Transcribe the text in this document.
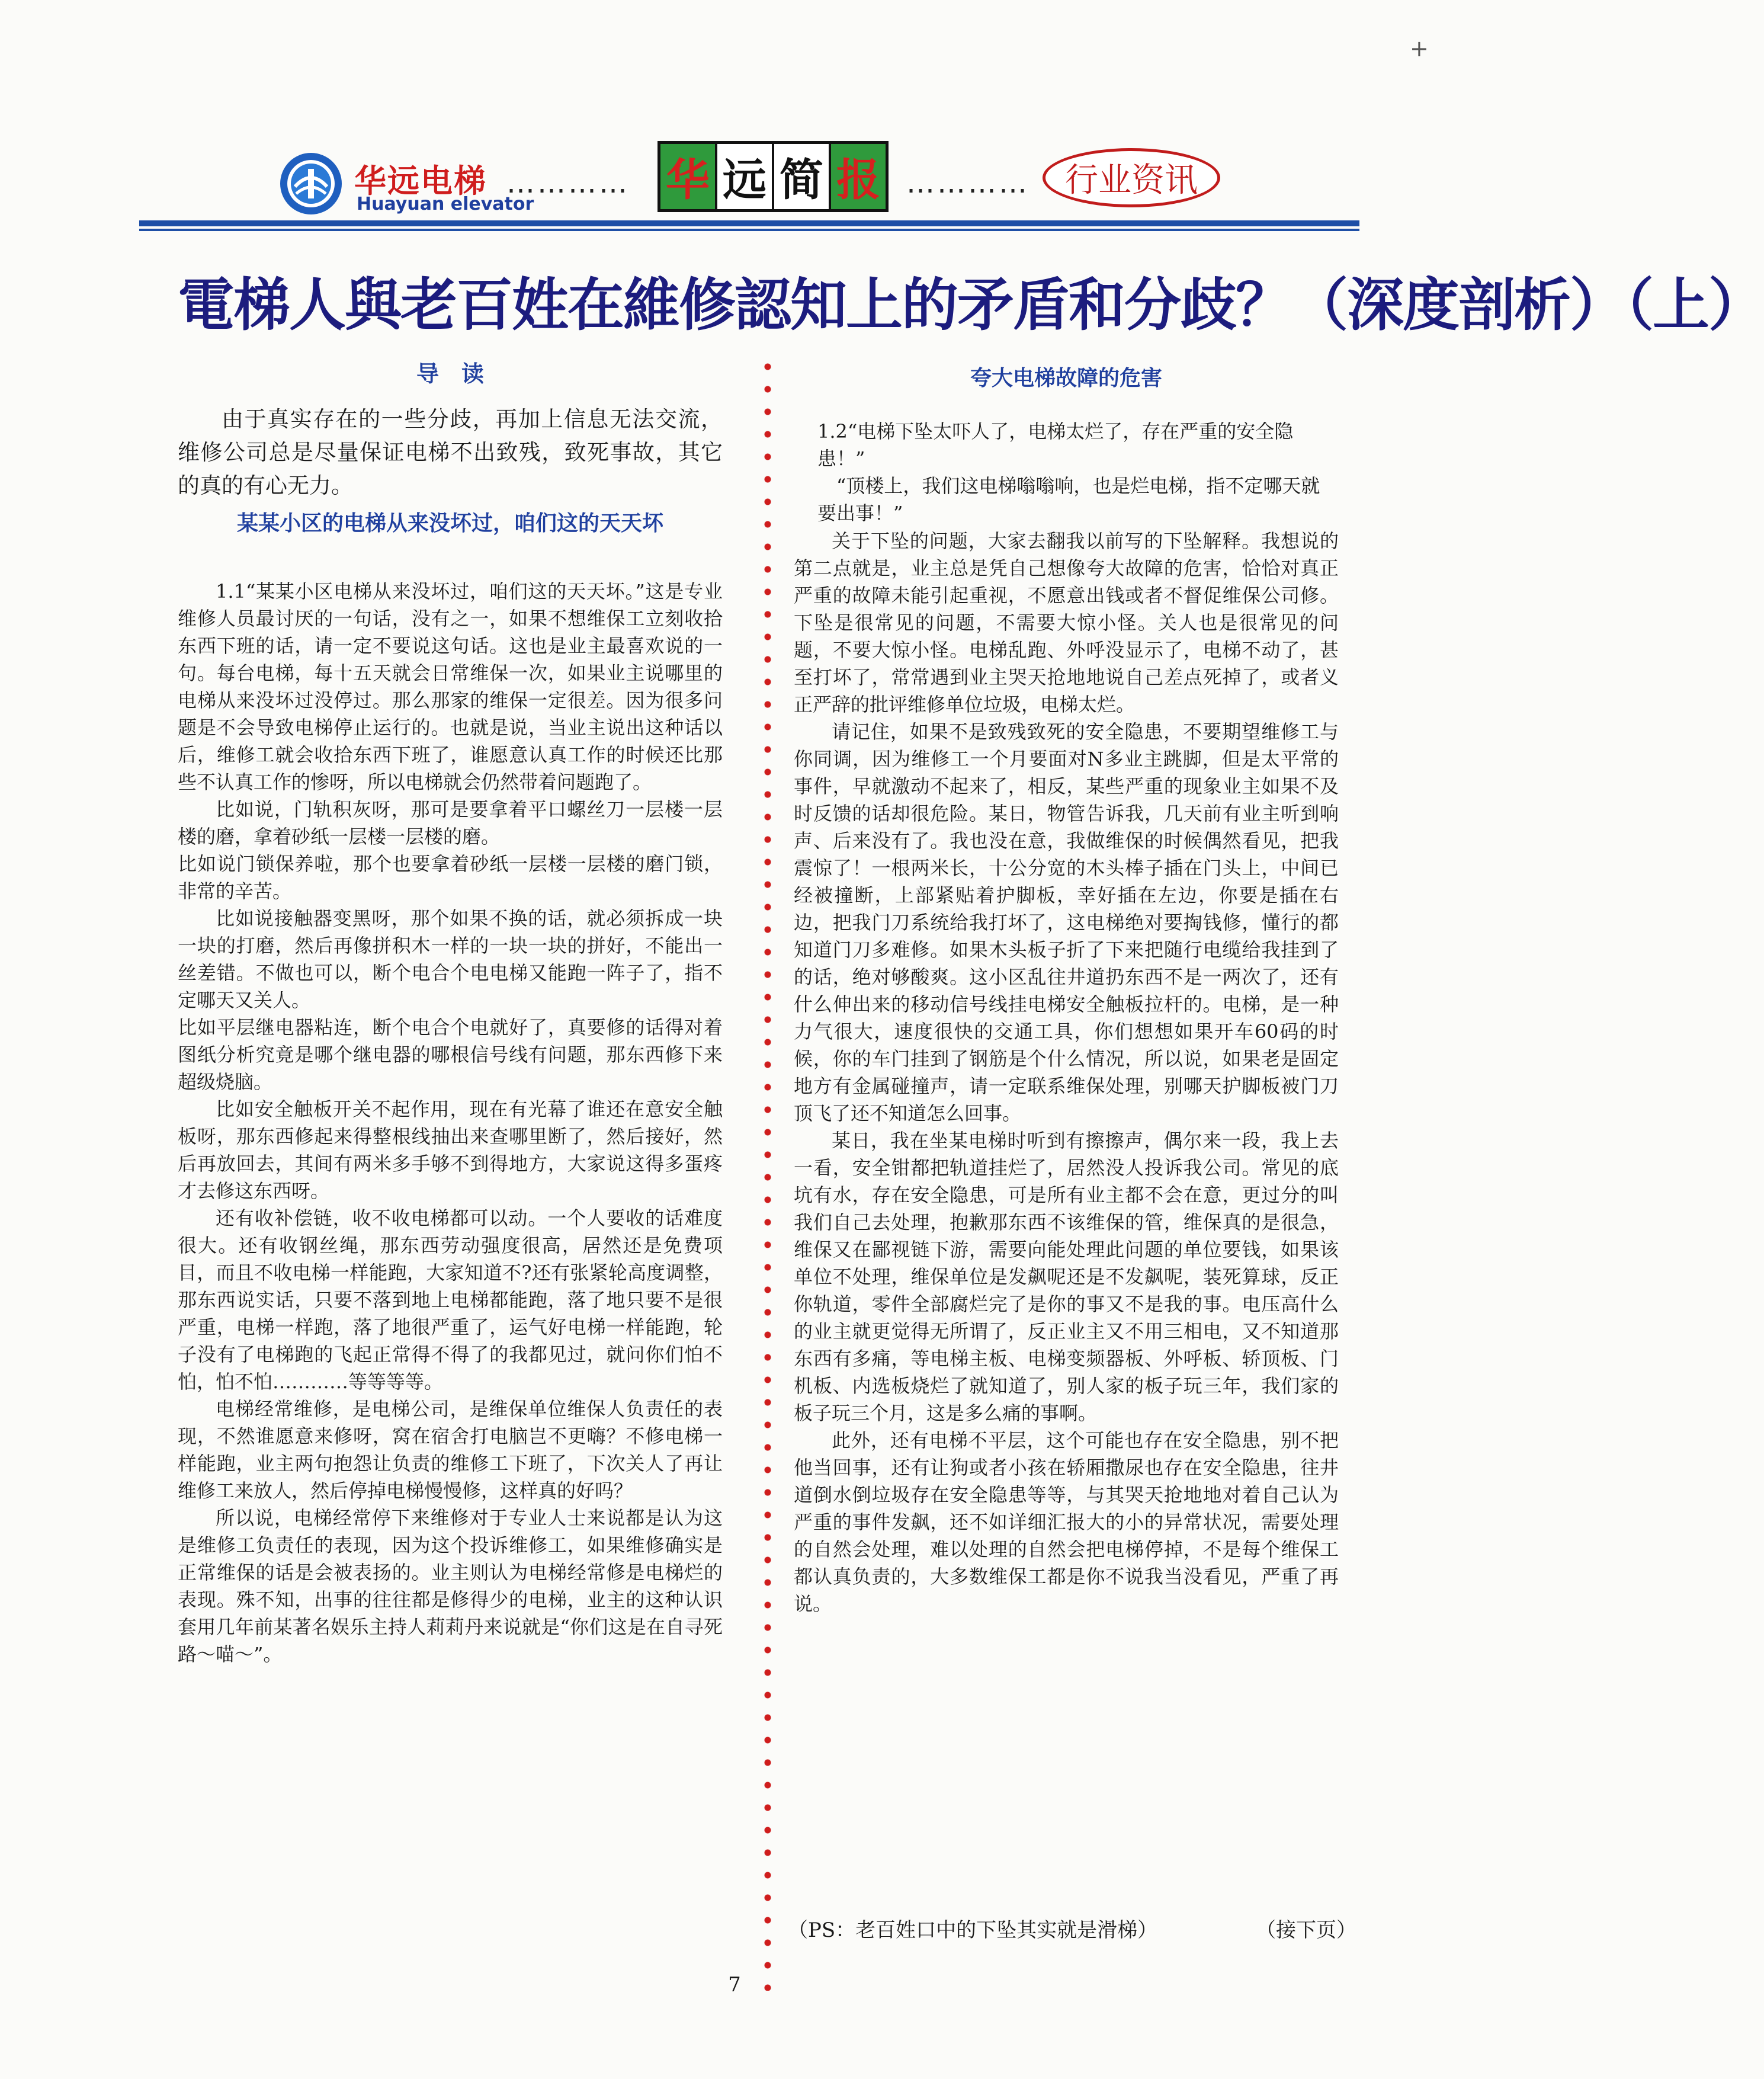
+
华远电梯
Huayuan elevator
………… 华 远 简 报 …………	行业资讯
電梯人與老百姓在維修認知上的矛盾和分歧？（深度剖析）（上）
导　读

由于真实存在的一些分歧，再加上信息无法交流，维修公司总是尽量保证电梯不出致残，致死事故，其它的真的有心无力。

某某小区的电梯从来没坏过，咱们这的天天坏

1.1“某某小区电梯从来没坏过，咱们这的天天坏。”这是专业维修人员最讨厌的一句话，没有之一，如果不想维保工立刻收拾东西下班的话，请一定不要说这句话。这也是业主最喜欢说的一句。每台电梯，每十五天就会日常维保一次，如果业主说哪里的电梯从来没坏过没停过。那么那家的维保一定很差。因为很多问题是不会导致电梯停止运行的。也就是说，当业主说出这种话以后，维修工就会收拾东西下班了，谁愿意认真工作的时候还比那些不认真工作的惨呀，所以电梯就会仍然带着问题跑了。

比如说，门轨积灰呀，那可是要拿着平口螺丝刀一层楼一层楼的磨，拿着砂纸一层楼一层楼的磨。

比如说门锁保养啦，那个也要拿着砂纸一层楼一层楼的磨门锁，非常的辛苦。

比如说接触器变黑呀，那个如果不换的话，就必须拆成一块一块的打磨，然后再像拼积木一样的一块一块的拼好，不能出一丝差错。不做也可以，断个电合个电电梯又能跑一阵子了，指不定哪天又关人。

比如平层继电器粘连，断个电合个电就好了，真要修的话得对着图纸分析究竟是哪个继电器的哪根信号线有问题，那东西修下来超级烧脑。

比如安全触板开关不起作用，现在有光幕了谁还在意安全触板呀，那东西修起来得整根线抽出来查哪里断了，然后接好，然后再放回去，其间有两米多手够不到得地方，大家说这得多蛋疼才去修这东西呀。

还有收补偿链，收不收电梯都可以动。一个人要收的话难度很大。还有收钢丝绳，那东西劳动强度很高，居然还是免费项目，而且不收电梯一样能跑，大家知道不?还有张紧轮高度调整，那东西说实话，只要不落到地上电梯都能跑，落了地只要不是很严重，电梯一样跑，落了地很严重了，运气好电梯一样能跑，轮子没有了电梯跑的飞起正常得不得了的我都见过，就问你们怕不怕，怕不怕…………等等等等。

电梯经常维修，是电梯公司，是维保单位维保人负责任的表现，不然谁愿意来修呀，窝在宿舍打电脑岂不更嗨？不修电梯一样能跑，业主两句抱怨让负责的维修工下班了，下次关人了再让维修工来放人，然后停掉电梯慢慢修，这样真的好吗？

所以说，电梯经常停下来维修对于专业人士来说都是认为这是维修工负责任的表现，因为这个投诉维修工，如果维修确实是正常维保的话是会被表扬的。业主则认为电梯经常修是电梯烂的表现。殊不知，出事的往往都是修得少的电梯，业主的这种认识套用几年前某著名娱乐主持人莉莉丹来说就是“你们这是在自寻死路～喵～”。

夸大电梯故障的危害

1.2“电梯下坠太吓人了，电梯太烂了，存在严重的安全隐患！”

“顶楼上，我们这电梯嗡嗡响，也是烂电梯，指不定哪天就要出事！”

关于下坠的问题，大家去翻我以前写的下坠解释。我想说的第二点就是，业主总是凭自己想像夸大故障的危害，恰恰对真正严重的故障未能引起重视，不愿意出钱或者不督促维保公司修。下坠是很常见的问题，不需要大惊小怪。关人也是很常见的问题，不要大惊小怪。电梯乱跑、外呼没显示了，电梯不动了，甚至打坏了，常常遇到业主哭天抢地地说自己差点死掉了，或者义正严辞的批评维修单位垃圾，电梯太烂。

请记住，如果不是致残致死的安全隐患，不要期望维修工与你同调，因为维修工一个月要面对N多业主跳脚，但是太平常的事件，早就激动不起来了，相反，某些严重的现象业主如果不及时反馈的话却很危险。某日，物管告诉我，几天前有业主听到响声、后来没有了。我也没在意，我做维保的时候偶然看见，把我震惊了！一根两米长，十公分宽的木头棒子插在门头上，中间已经被撞断，上部紧贴着护脚板，幸好插在左边，你要是插在右边，把我门刀系统给我打坏了，这电梯绝对要掏钱修，懂行的都知道门刀多难修。如果木头板子折了下来把随行电缆给我挂到了的话，绝对够酸爽。这小区乱往井道扔东西不是一两次了，还有什么伸出来的移动信号线挂电梯安全触板拉杆的。电梯，是一种力气很大，速度很快的交通工具，你们想想如果开车60码的时候，你的车门挂到了钢筋是个什么情况，所以说，如果老是固定地方有金属碰撞声，请一定联系维保处理，别哪天护脚板被门刀顶飞了还不知道怎么回事。

某日，我在坐某电梯时听到有擦擦声，偶尔来一段，我上去一看，安全钳都把轨道挂烂了，居然没人投诉我公司。常见的底坑有水，存在安全隐患，可是所有业主都不会在意，更过分的叫我们自己去处理，抱歉那东西不该维保的管，维保真的是很急，维保又在鄙视链下游，需要向能处理此问题的单位要钱，如果该单位不处理，维保单位是发飙呢还是不发飙呢，装死算球，反正你轨道，零件全部腐烂完了是你的事又不是我的事。电压高什么的业主就更觉得无所谓了，反正业主又不用三相电，又不知道那东西有多痛，等电梯主板、电梯变频器板、外呼板、轿顶板、门机板、内选板烧烂了就知道了，别人家的板子玩三年，我们家的板子玩三个月，这是多么痛的事啊。

此外，还有电梯不平层，这个可能也存在安全隐患，别不把他当回事，还有让狗或者小孩在轿厢撒尿也存在安全隐患，往井道倒水倒垃圾存在安全隐患等等，与其哭天抢地地对着自己认为严重的事件发飙，还不如详细汇报大的小的异常状况，需要处理的自然会处理，难以处理的自然会把电梯停掉，不是每个维保工都认真负责的，大多数维保工都是你不说我当没看见，严重了再说。

（PS：老百姓口中的下坠其实就是滑梯）	（接下页）
7
